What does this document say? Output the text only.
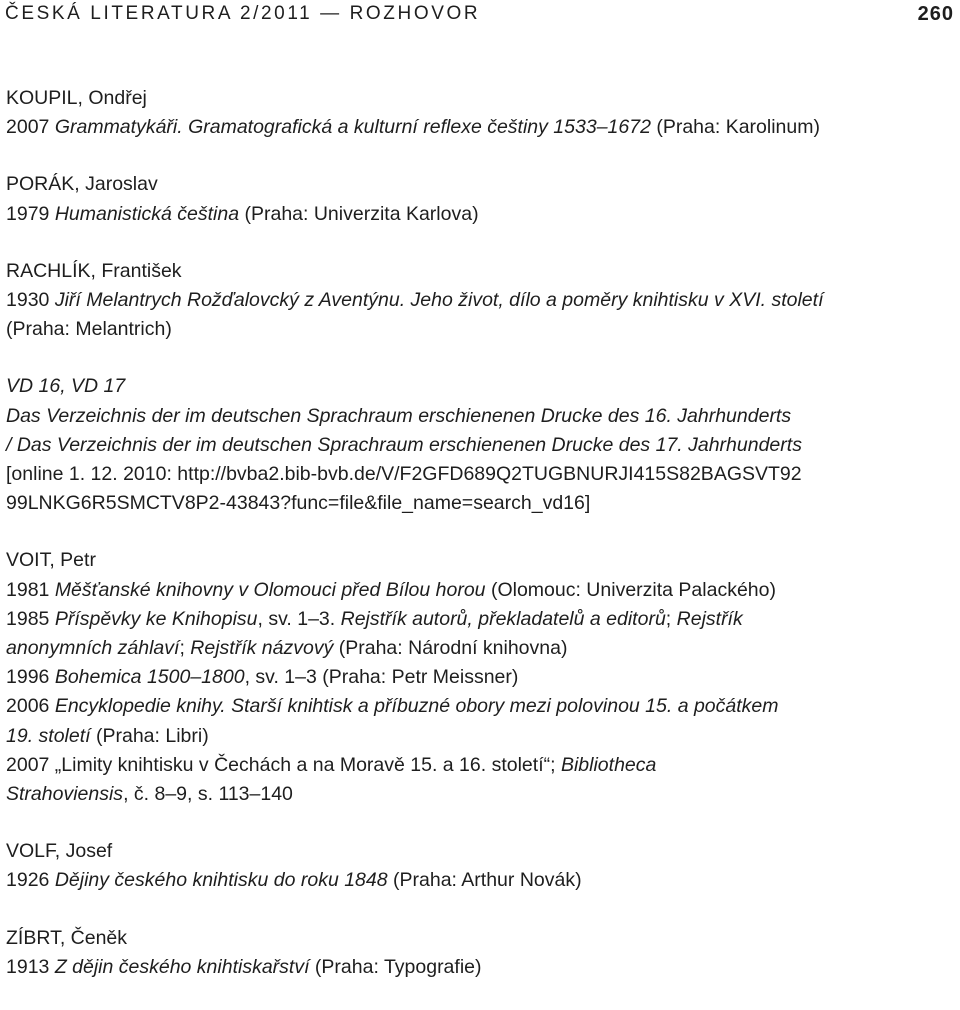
ČESKÁ LITERATURA 2/2011 — ROZHOVOR	260
KOUPIL, Ondřej
2007 Grammatykáři. Gramatografická a kulturní reflexe češtiny 1533–1672 (Praha: Karolinum)
PORÁK, Jaroslav
1979 Humanistická čeština (Praha: Univerzita Karlova)
RACHLÍK, František
1930 Jiří Melantrych Rožďalovcký z Aventýnu. Jeho život, dílo a poměry knihtisku v XVI. století
(Praha: Melantrich)
VD 16, VD 17
Das Verzeichnis der im deutschen Sprachraum erschienenen Drucke des 16. Jahrhunderts
/ Das Verzeichnis der im deutschen Sprachraum erschienenen Drucke des 17. Jahrhunderts
[online 1. 12. 2010: http://bvba2.bib-bvb.de/V/F2GFD689Q2TUGBNURJI415S82BAGSVT92
99LNKG6R5SMCTV8P2-43843?func=file&file_name=search_vd16]
VOIT, Petr
1981 Měšťanské knihovny v Olomouci před Bílou horou (Olomouc: Univerzita Palackého)
1985 Příspěvky ke Knihopisu, sv. 1–3. Rejstřík autorů, překladatelů a editorů; Rejstřík
anonymních záhlaví; Rejstřík názvový (Praha: Národní knihovna)
1996 Bohemica 1500–1800, sv. 1–3 (Praha: Petr Meissner)
2006 Encyklopedie knihy. Starší knihtisk a příbuzné obory mezi polovinou 15. a počátkem
19. století (Praha: Libri)
2007 „Limity knihtisku v Čechách a na Moravě 15. a 16. století“; Bibliotheca
Strahoviensis, č. 8–9, s. 113–140
VOLF, Josef
1926 Dějiny českého knihtisku do roku 1848 (Praha: Arthur Novák)
ZÍBRT, Čeněk
1913 Z dějin českého knihtiskařství (Praha: Typografie)
